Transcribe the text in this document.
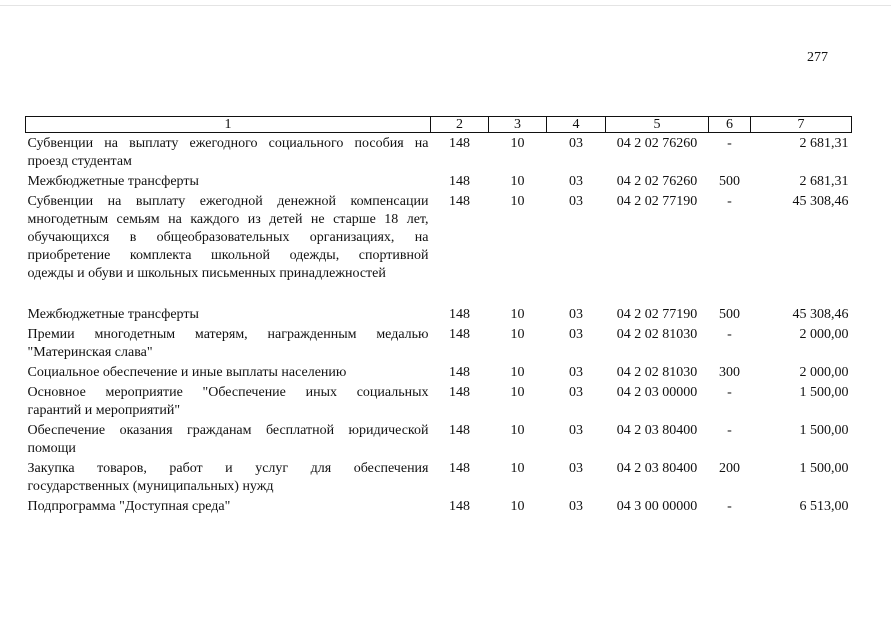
277
1	2	3	4	5	6	7

Субвенции на выплату ежегодного социального пособия на
проезд студентам	148	10	03	04 2 02 76260	-	2 681,31

Межбюджетные трансферты	148	10	03	04 2 02 76260	500	2 681,31

Субвенции на выплату ежегодной денежной компенсации
многодетным семьям на каждого из детей не старше 18 лет,
обучающихся в общеобразовательных организациях, на
приобретение комплекта школьной одежды, спортивной
одежды и обуви и школьных письменных принадлежностей	148	10	03	04 2 02 77190	-	45 308,46

Межбюджетные трансферты	148	10	03	04 2 02 77190	500	45 308,46

Премии многодетным матерям, награжденным медалью
"Материнская слава"	148	10	03	04 2 02 81030	-	2 000,00

Социальное обеспечение и иные выплаты населению	148	10	03	04 2 02 81030	300	2 000,00

Основное мероприятие "Обеспечение иных социальных
гарантий и мероприятий"	148	10	03	04 2 03 00000	-	1 500,00

Обеспечение оказания гражданам бесплатной юридической
помощи	148	10	03	04 2 03 80400	-	1 500,00

Закупка товаров, работ и услуг для обеспечения
государственных (муниципальных) нужд	148	10	03	04 2 03 80400	200	1 500,00

Подпрограмма "Доступная среда"	148	10	03	04 3 00 00000	-	6 513,00
